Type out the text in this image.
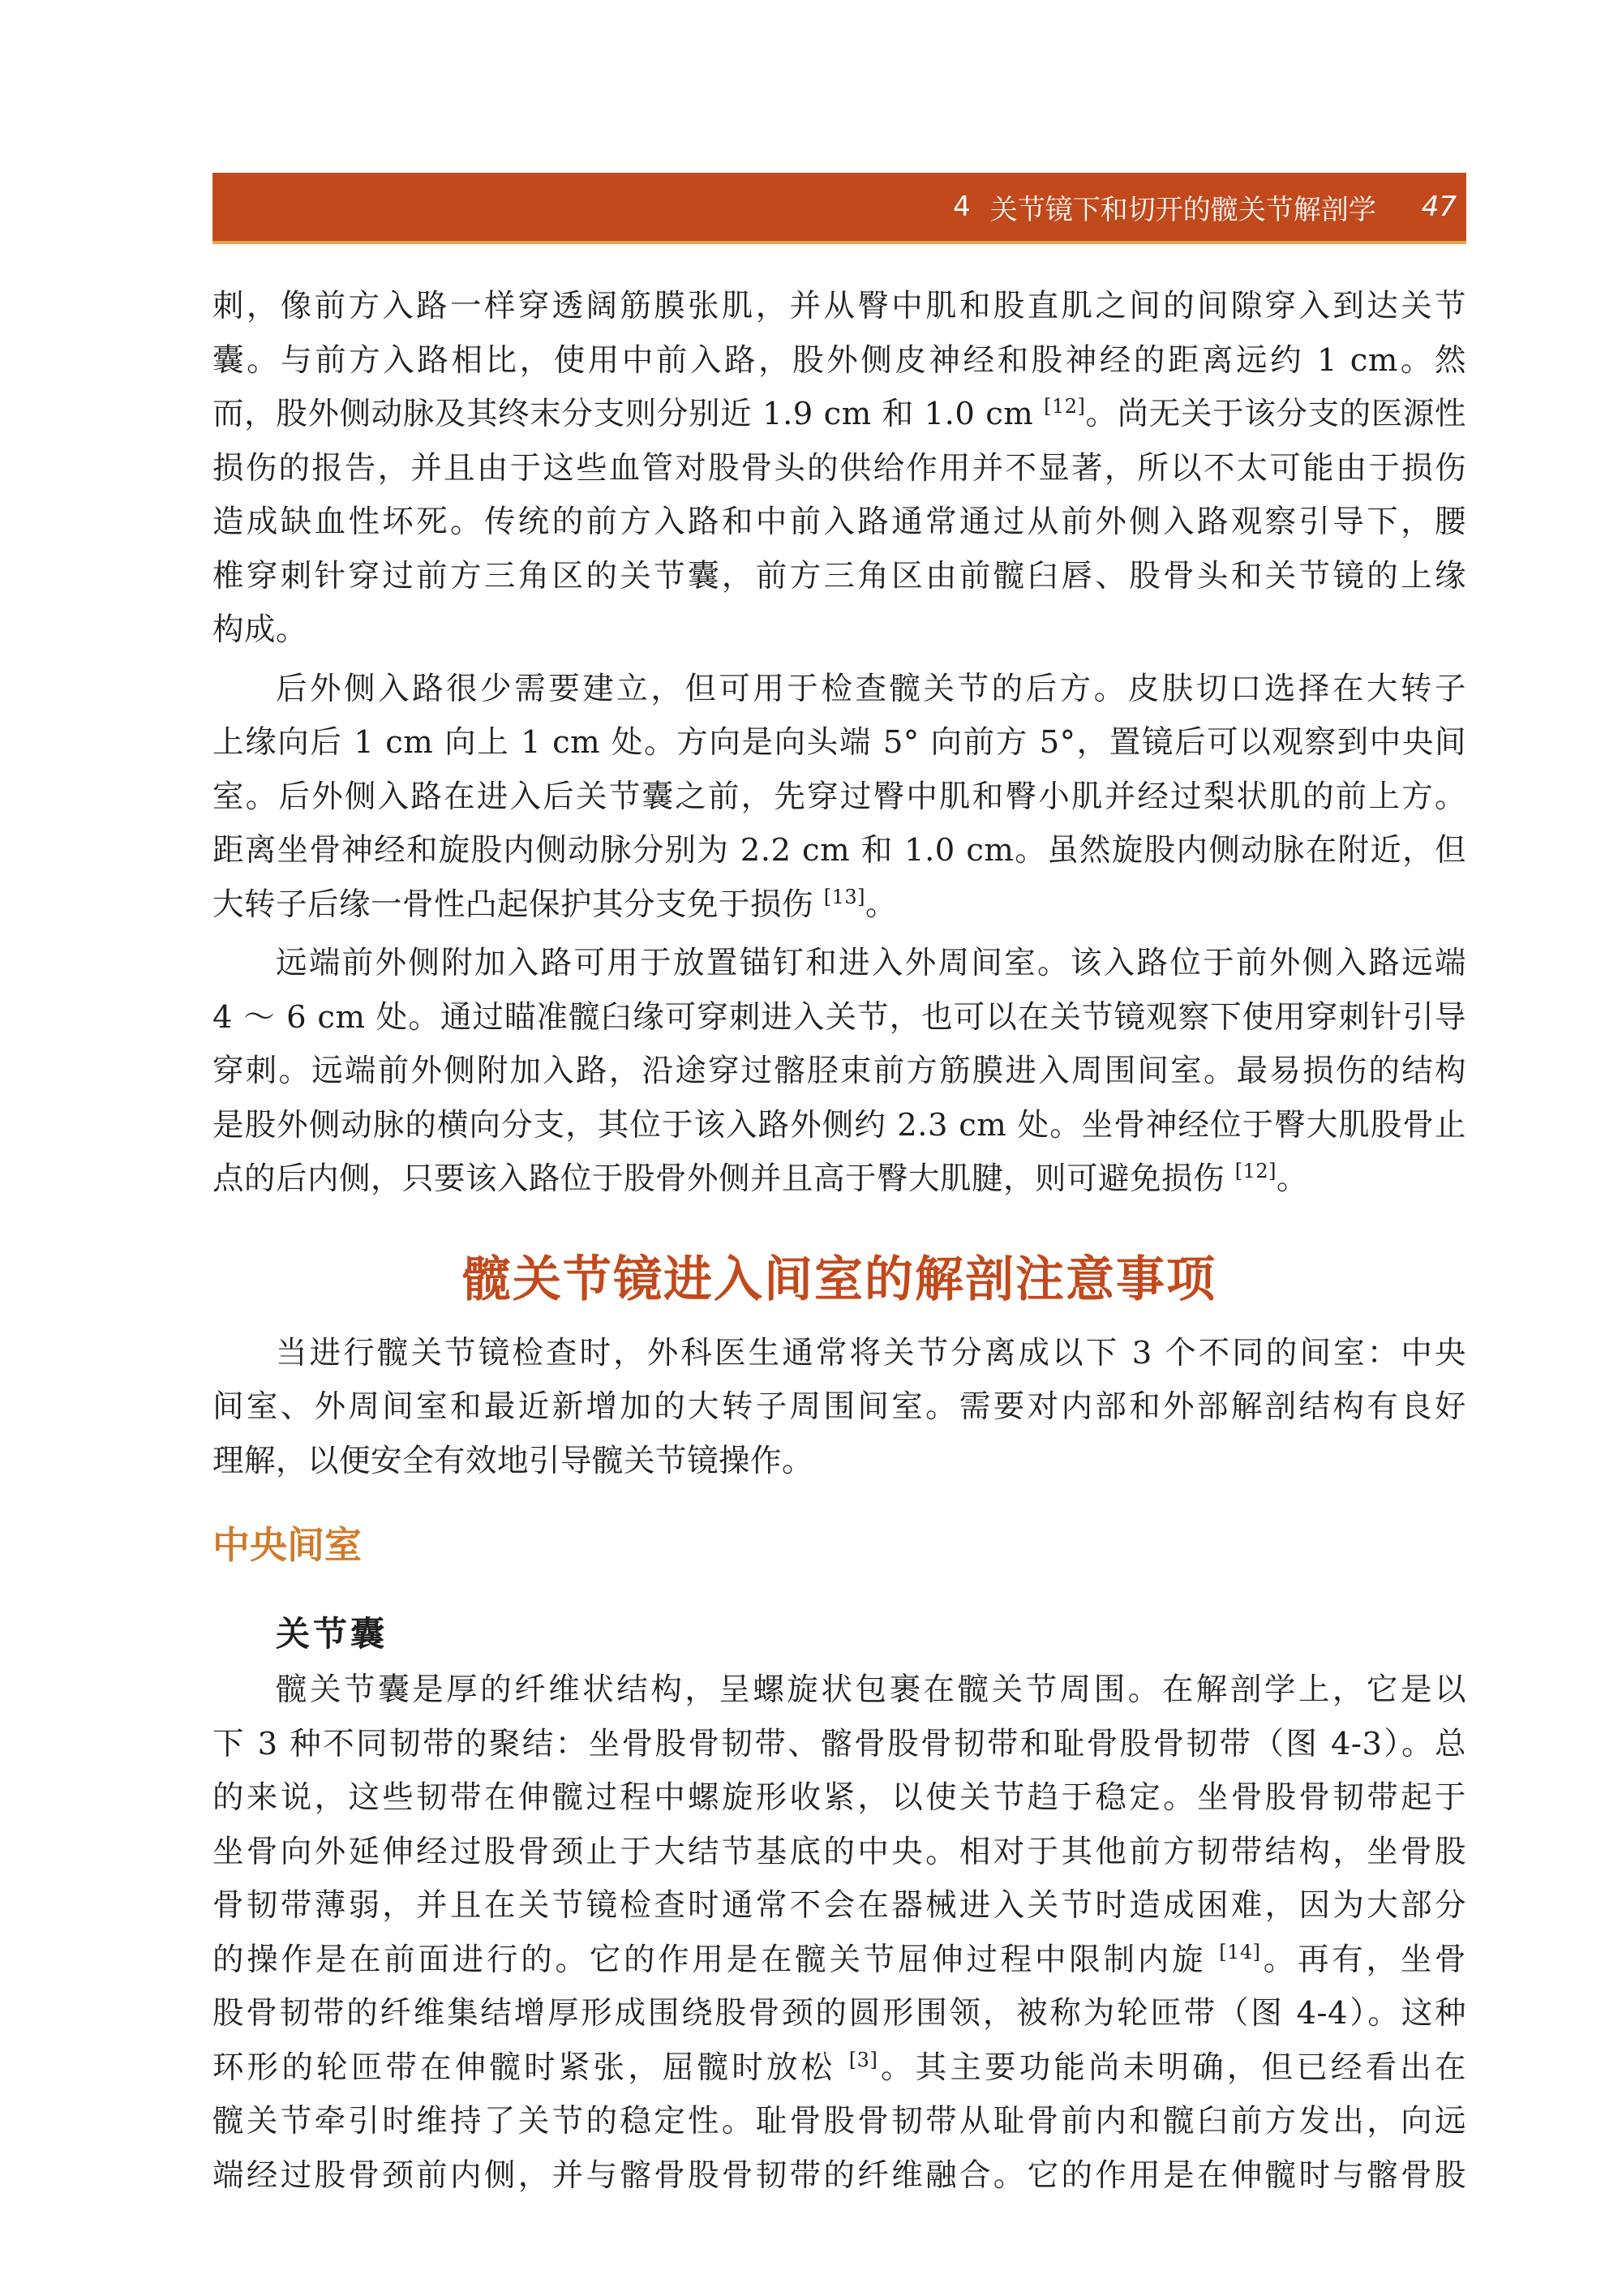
4 关节镜下和切开的髋关节解剖学 47

刺，像前方入路一样穿透阔筋膜张肌，并从臀中肌和股直肌之间的间隙穿入到达关节
囊。与前方入路相比，使用中前入路，股外侧皮神经和股神经的距离远约 1 cm。然
而，股外侧动脉及其终末分支则分别近 1.9 cm 和 1.0 cm [12]。尚无关于该分支的医源性
损伤的报告，并且由于这些血管对股骨头的供给作用并不显著，所以不太可能由于损伤
造成缺血性坏死。传统的前方入路和中前入路通常通过从前外侧入路观察引导下，腰
椎穿刺针穿过前方三角区的关节囊，前方三角区由前髋臼唇、股骨头和关节镜的上缘
构成。

后外侧入路很少需要建立，但可用于检查髋关节的后方。皮肤切口选择在大转子
上缘向后 1 cm 向上 1 cm 处。方向是向头端 5° 向前方 5°，置镜后可以观察到中央间
室。后外侧入路在进入后关节囊之前，先穿过臀中肌和臀小肌并经过梨状肌的前上方。
距离坐骨神经和旋股内侧动脉分别为 2.2 cm 和 1.0 cm。虽然旋股内侧动脉在附近，但
大转子后缘一骨性凸起保护其分支免于损伤 [13]。

远端前外侧附加入路可用于放置锚钉和进入外周间室。该入路位于前外侧入路远端
4 ～ 6 cm 处。通过瞄准髋臼缘可穿刺进入关节，也可以在关节镜观察下使用穿刺针引导
穿刺。远端前外侧附加入路，沿途穿过髂胫束前方筋膜进入周围间室。最易损伤的结构
是股外侧动脉的横向分支，其位于该入路外侧约 2.3 cm 处。坐骨神经位于臀大肌股骨止
点的后内侧，只要该入路位于股骨外侧并且高于臀大肌腱，则可避免损伤 [12]。

髋关节镜进入间室的解剖注意事项

当进行髋关节镜检查时，外科医生通常将关节分离成以下 3 个不同的间室：中央
间室、外周间室和最近新增加的大转子周围间室。需要对内部和外部解剖结构有良好
理解，以便安全有效地引导髋关节镜操作。

中央间室
关节囊

髋关节囊是厚的纤维状结构，呈螺旋状包裹在髋关节周围。在解剖学上，它是以
下 3 种不同韧带的聚结：坐骨股骨韧带、髂骨股骨韧带和耻骨股骨韧带（图 4-3）。总
的来说，这些韧带在伸髋过程中螺旋形收紧，以使关节趋于稳定。坐骨股骨韧带起于
坐骨向外延伸经过股骨颈止于大结节基底的中央。相对于其他前方韧带结构，坐骨股
骨韧带薄弱，并且在关节镜检查时通常不会在器械进入关节时造成困难，因为大部分
的操作是在前面进行的。它的作用是在髋关节屈伸过程中限制内旋 [14]。再有，坐骨
股骨韧带的纤维集结增厚形成围绕股骨颈的圆形围领，被称为轮匝带（图 4-4）。这种
环形的轮匝带在伸髋时紧张，屈髋时放松 [3]。其主要功能尚未明确，但已经看出在
髋关节牵引时维持了关节的稳定性。耻骨股骨韧带从耻骨前内和髋臼前方发出，向远
端经过股骨颈前内侧，并与髂骨股骨韧带的纤维融合。它的作用是在伸髋时与髂骨股
